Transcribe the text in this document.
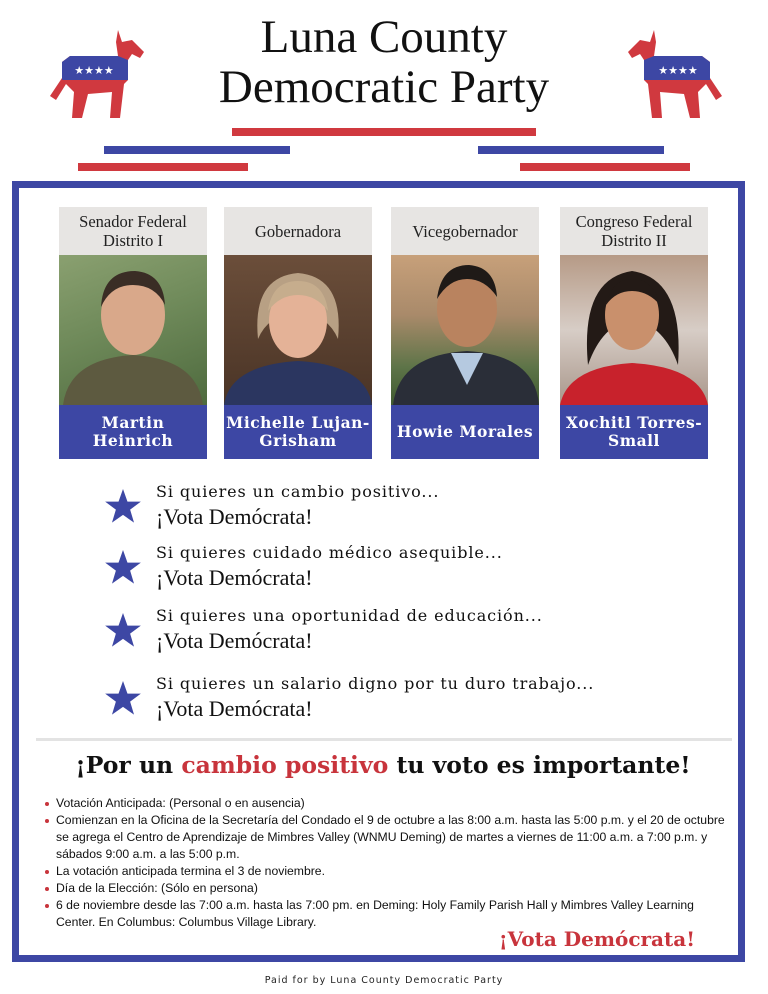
★★★★	★★★★
Luna County
Democratic Party
Senador Federal Distrito I
Martin Heinrich
Gobernadora
Michelle Lujan-Grisham
Vicegobernador
Howie Morales
Congreso Federal Distrito II
Xochitl Torres-Small
Si quieres un cambio positivo...
¡Vota Demócrata!
Si quieres cuidado médico asequible...
¡Vota Demócrata!
Si quieres una oportunidad de educación...
¡Vota Demócrata!
Si quieres un salario digno por tu duro trabajo...
¡Vota Demócrata!
¡Por un cambio positivo tu voto es importante!
Votación Anticipada: (Personal o en ausencia)
Comienzan en la Oficina de la Secretaría del Condado el 9 de octubre a las 8:00 a.m. hasta las 5:00 p.m. y el 20 de octubre se agrega el Centro de Aprendizaje de Mimbres Valley (WNMU Deming) de martes a viernes de 11:00 a.m. a 7:00 p.m. y sábados 9:00 a.m. a las 5:00 p.m.
La votación anticipada termina el 3 de noviembre.
Día de la Elección: (Sólo en persona)
6 de noviembre desde las 7:00 a.m. hasta las 7:00 pm. en Deming: Holy Family Parish Hall y Mimbres Valley Learning Center. En Columbus: Columbus Village Library.
¡Vota Demócrata!
Paid for by Luna County Democratic Party
